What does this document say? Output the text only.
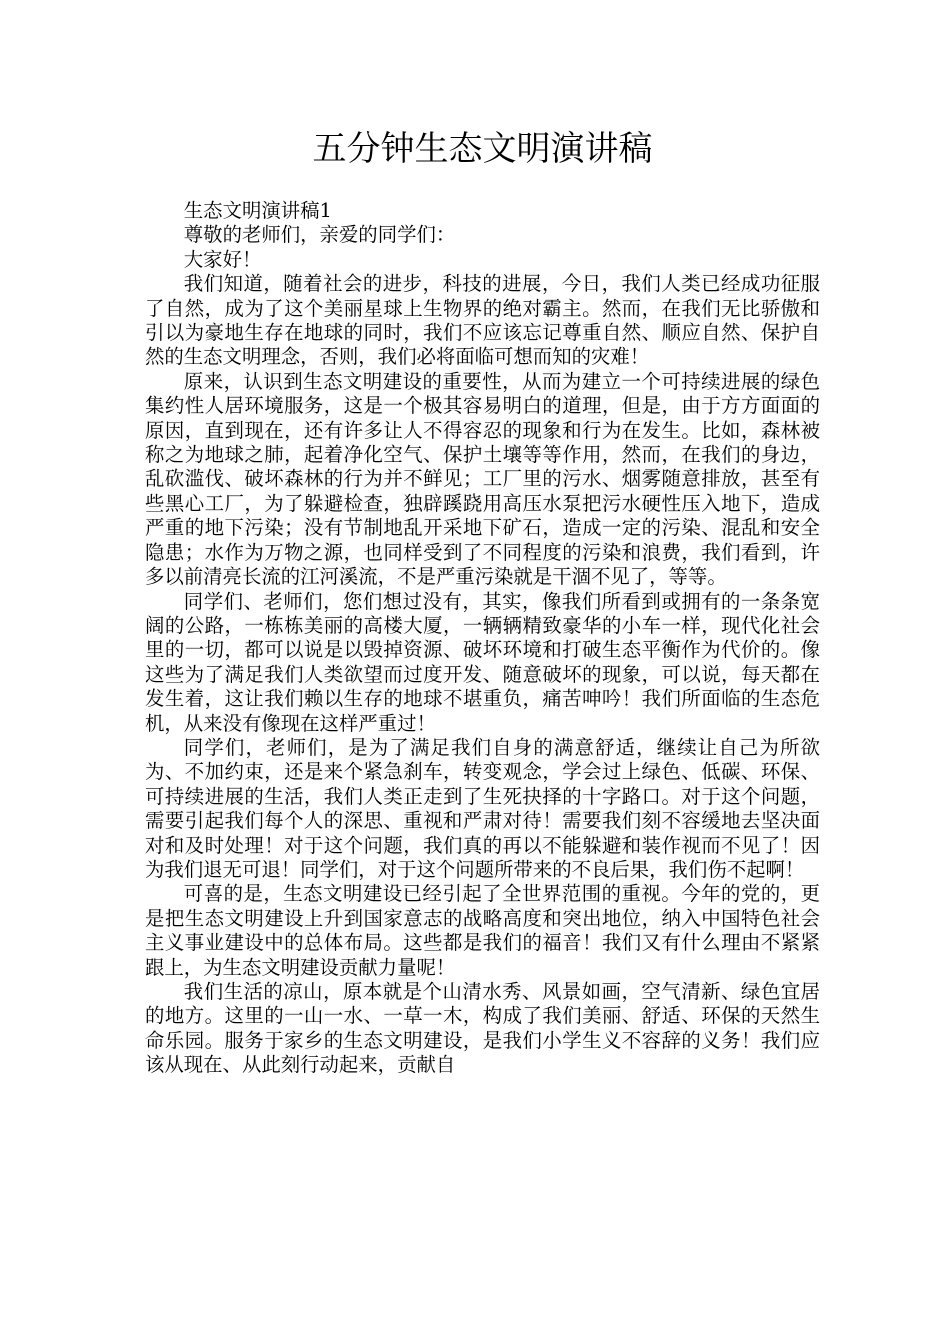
五分钟生态文明演讲稿

生态文明演讲稿1

尊敬的老师们，亲爱的同学们：

大家好！

我们知道，随着社会的进步，科技的进展，今日，我们人类已经成功征服了自然，成为了这个美丽星球上生物界的绝对霸主。然而，在我们无比骄傲和引以为豪地生存在地球的同时，我们不应该忘记尊重自然、顺应自然、保护自然的生态文明理念，否则，我们必将面临可想而知的灾难！

原来，认识到生态文明建设的重要性，从而为建立一个可持续进展的绿色集约性人居环境服务，这是一个极其容易明白的道理，但是，由于方方面面的原因，直到现在，还有许多让人不得容忍的现象和行为在发生。比如，森林被称之为地球之肺，起着净化空气、保护土壤等等作用，然而，在我们的身边，乱砍滥伐、破坏森林的行为并不鲜见；工厂里的污水、烟雾随意排放，甚至有些黑心工厂，为了躲避检查，独辟蹊跷用高压水泵把污水硬性压入地下，造成严重的地下污染；没有节制地乱开采地下矿石，造成一定的污染、混乱和安全隐患；水作为万物之源，也同样受到了不同程度的污染和浪费，我们看到，许多以前清亮长流的江河溪流，不是严重污染就是干涸不见了，等等。

同学们、老师们，您们想过没有，其实，像我们所看到或拥有的一条条宽阔的公路，一栋栋美丽的高楼大厦，一辆辆精致豪华的小车一样，现代化社会里的一切，都可以说是以毁掉资源、破坏环境和打破生态平衡作为代价的。像这些为了满足我们人类欲望而过度开发、随意破坏的现象，可以说，每天都在发生着，这让我们赖以生存的地球不堪重负，痛苦呻吟！我们所面临的生态危机，从来没有像现在这样严重过！

同学们，老师们，是为了满足我们自身的满意舒适，继续让自己为所欲为、不加约束，还是来个紧急刹车，转变观念，学会过上绿色、低碳、环保、可持续进展的生活，我们人类正走到了生死抉择的十字路口。对于这个问题，需要引起我们每个人的深思、重视和严肃对待！需要我们刻不容缓地去坚决面对和及时处理！对于这个问题，我们真的再以不能躲避和装作视而不见了！因为我们退无可退！同学们，对于这个问题所带来的不良后果，我们伤不起啊！

可喜的是，生态文明建设已经引起了全世界范围的重视。今年的党的，更是把生态文明建设上升到国家意志的战略高度和突出地位，纳入中国特色社会主义事业建设中的总体布局。这些都是我们的福音！我们又有什么理由不紧紧跟上，为生态文明建设贡献力量呢！

我们生活的凉山，原本就是个山清水秀、风景如画，空气清新、绿色宜居的地方。这里的一山一水、一草一木，构成了我们美丽、舒适、环保的天然生命乐园。服务于家乡的生态文明建设，是我们小学生义不容辞的义务！我们应该从现在、从此刻行动起来，贡献自
